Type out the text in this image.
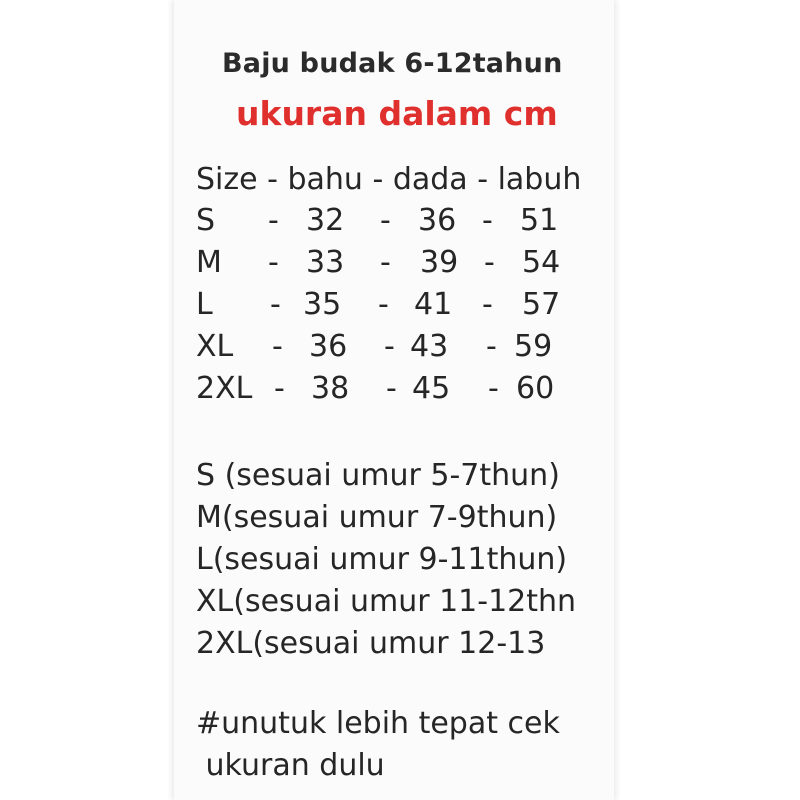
Baju budak 6-12tahun
ukuran dalam cm
Size - bahu - dada - labuh
S - 32 - 36 - 51
M - 33 - 39 - 54
L - 35 - 41 - 57
XL - 36 - 43 - 59
2XL - 38 - 45 - 60
S (sesuai umur 5-7thun)
M(sesuai umur 7-9thun)
L(sesuai umur 9-11thun)
XL(sesuai umur 11-12thn
2XL(sesuai umur 12-13
#unutuk lebih tepat cek
ukuran dulu
